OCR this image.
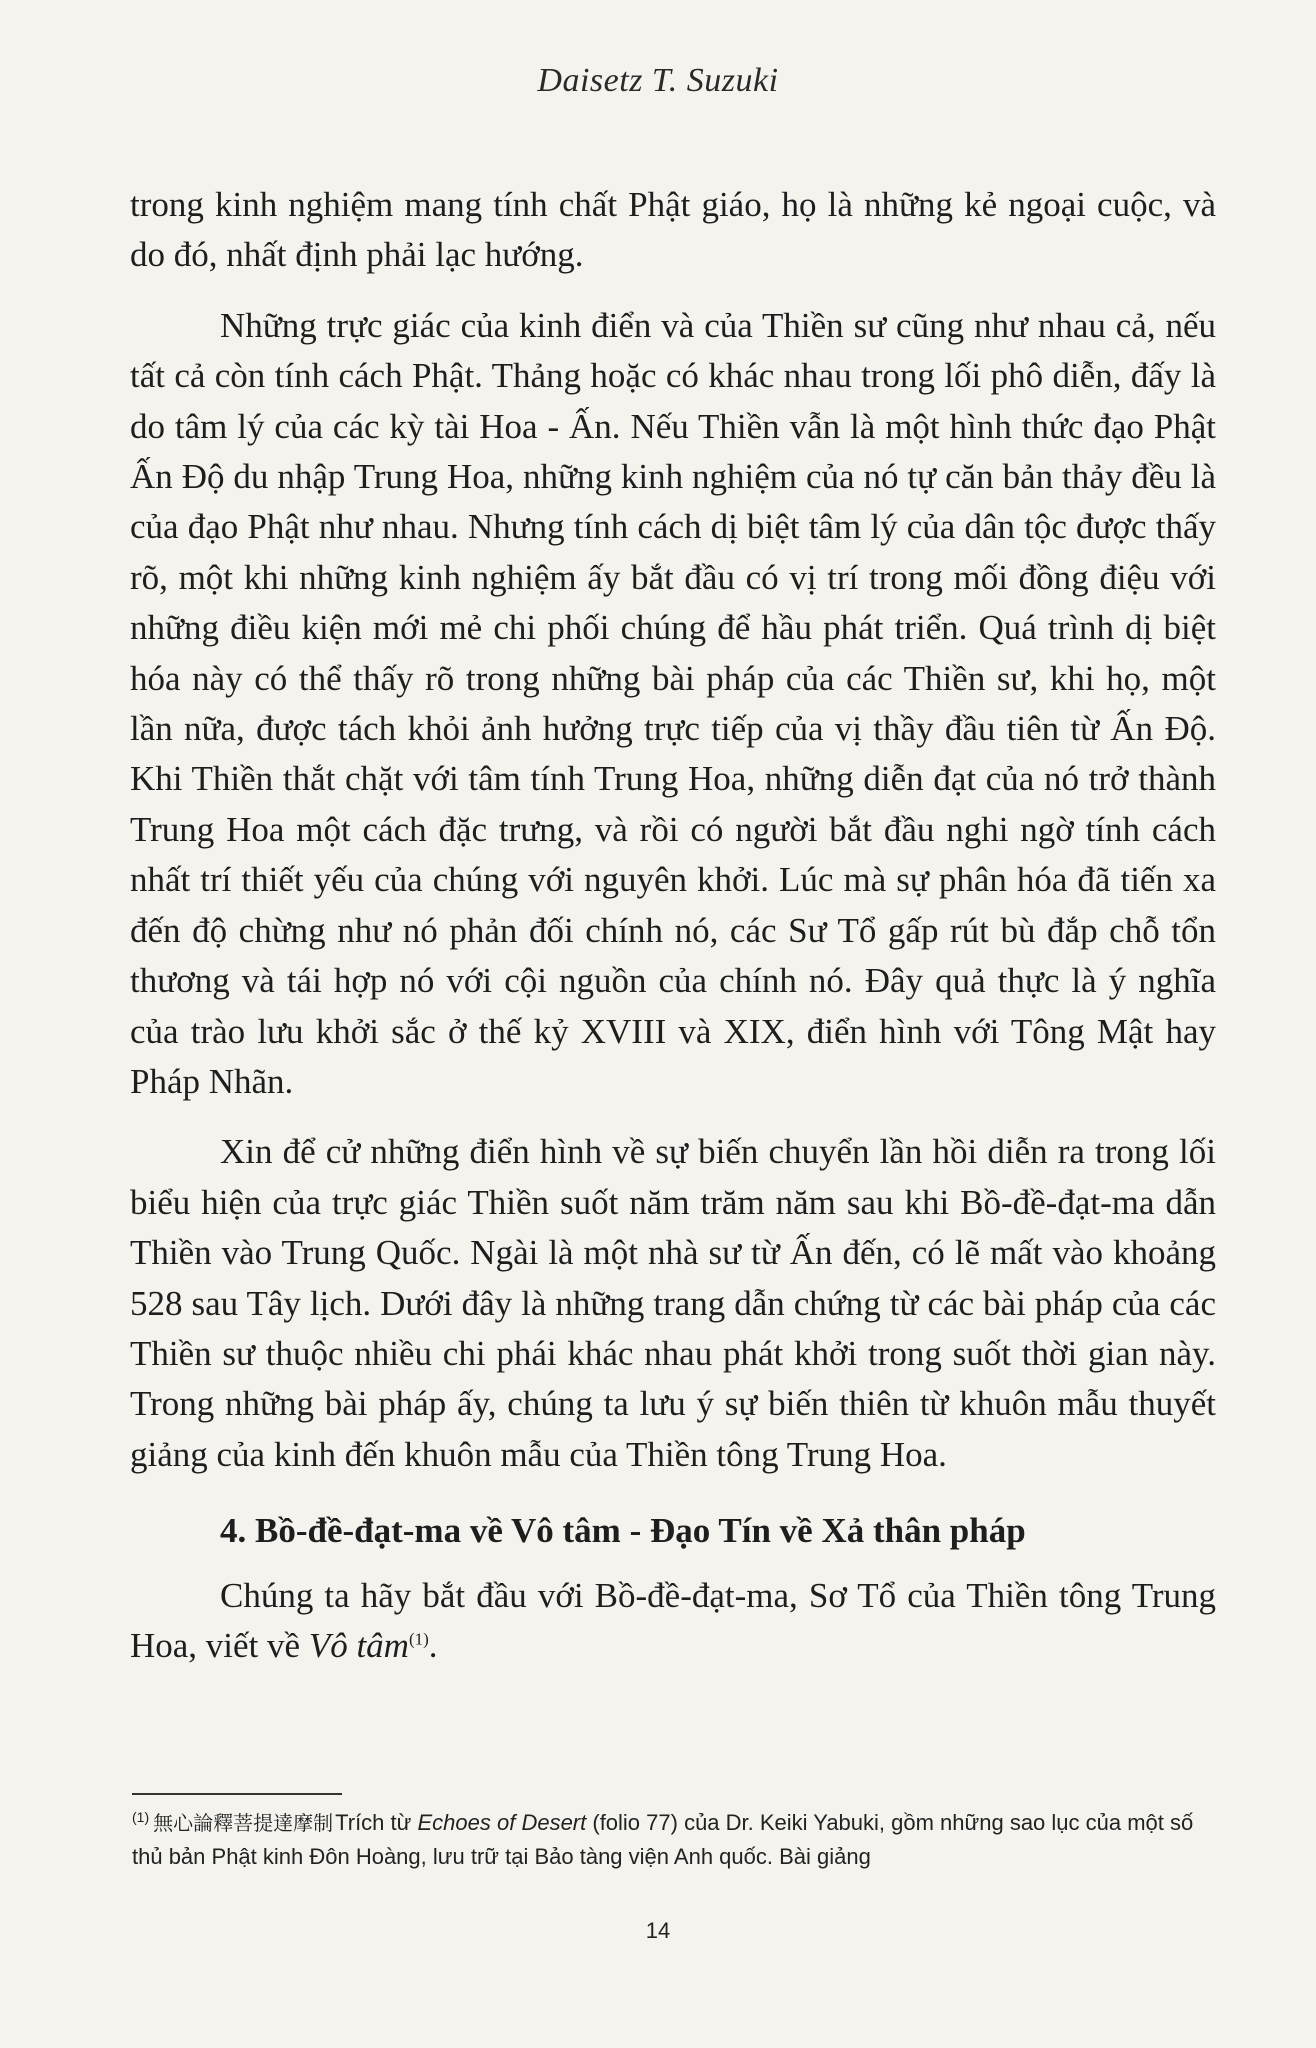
Daisetz T. Suzuki

trong kinh nghiệm mang tính chất Phật giáo, họ là những kẻ ngoại cuộc, và do đó, nhất định phải lạc hướng.

Những trực giác của kinh điển và của Thiền sư cũng như nhau cả, nếu tất cả còn tính cách Phật. Thảng hoặc có khác nhau trong lối phô diễn, đấy là do tâm lý của các kỳ tài Hoa - Ấn. Nếu Thiền vẫn là một hình thức đạo Phật Ấn Độ du nhập Trung Hoa, những kinh nghiệm của nó tự căn bản thảy đều là của đạo Phật như nhau. Nhưng tính cách dị biệt tâm lý của dân tộc được thấy rõ, một khi những kinh nghiệm ấy bắt đầu có vị trí trong mối đồng điệu với những điều kiện mới mẻ chi phối chúng để hầu phát triển. Quá trình dị biệt hóa này có thể thấy rõ trong những bài pháp của các Thiền sư, khi họ, một lần nữa, được tách khỏi ảnh hưởng trực tiếp của vị thầy đầu tiên từ Ấn Độ. Khi Thiền thắt chặt với tâm tính Trung Hoa, những diễn đạt của nó trở thành Trung Hoa một cách đặc trưng, và rồi có người bắt đầu nghi ngờ tính cách nhất trí thiết yếu của chúng với nguyên khởi. Lúc mà sự phân hóa đã tiến xa đến độ chừng như nó phản đối chính nó, các Sư Tổ gấp rút bù đắp chỗ tổn thương và tái hợp nó với cội nguồn của chính nó. Đây quả thực là ý nghĩa của trào lưu khởi sắc ở thế kỷ XVIII và XIX, điển hình với Tông Mật hay Pháp Nhãn.

Xin để cử những điển hình về sự biến chuyển lần hồi diễn ra trong lối biểu hiện của trực giác Thiền suốt năm trăm năm sau khi Bồ-đề-đạt-ma dẫn Thiền vào Trung Quốc. Ngài là một nhà sư từ Ấn đến, có lẽ mất vào khoảng 528 sau Tây lịch. Dưới đây là những trang dẫn chứng từ các bài pháp của các Thiền sư thuộc nhiều chi phái khác nhau phát khởi trong suốt thời gian này. Trong những bài pháp ấy, chúng ta lưu ý sự biến thiên từ khuôn mẫu thuyết giảng của kinh đến khuôn mẫu của Thiền tông Trung Hoa.

4. Bồ-đề-đạt-ma về Vô tâm - Đạo Tín về Xả thân pháp

Chúng ta hãy bắt đầu với Bồ-đề-đạt-ma, Sơ Tổ của Thiền tông Trung Hoa, viết về Vô tâm$^{(1)}$.

$^{(1)}$ 無心論釋菩提達摩制Trích từ Echoes of Desert (folio 77) của Dr. Keiki Yabuki, gồm những sao lục của một số thủ bản Phật kinh Đôn Hoàng, lưu trữ tại Bảo tàng viện Anh quốc. Bài giảng
14
